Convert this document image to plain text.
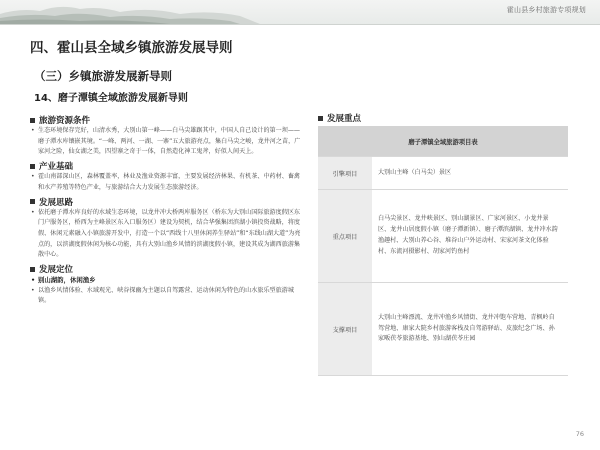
霍山县乡村旅游专项规划
四、霍山县全域乡镇旅游发展导则
（三）乡镇旅游发展新导则
14、磨子潭镇全域旅游发展新导则
旅游资源条件
• 生态环境保存完好，山清水秀，大别山第一峰——白马尖雄踞其中，中国人自己设计的第一坝——磨子潭水库镶嵌其境。“一峰、两河、一湖、一寨”五大旅游亮点，集白马尖之峻，龙井河之苗，广家河之险，仙女湖之美，四望寨之奇于一体，自然造化神工鬼斧，好似人间天上。
产业基础
• 霍山南部深山区，森林覆盖率，林业及渔业资源丰富，主要发展经济林果、有机茶、中药材、畜禽和水产养殖等特色产业，与旅游结合大力发展生态旅游经济。
发展思路
• 依托磨子潭水库良好的水域生态环境，以龙井冲大桥两库服务区（桥东为大别山国际旅游度假区东门户服务区，桥西为主峰景区东入口服务区）建设为契机，结合华强集团滨湖小镇投资战略，将度假、休闲元素融入小镇旅游开发中，打造一个以“西线十八里休闲养生驿站”和“东线山湖大道”为亮点的，以滨湖度假休闲为核心功能，具有大别山渔乡风情的滨湖度假小镇，建设其成为湖西旅游集散中心。
发展定位
• 别山湖韵，休闲渔乡
• 以渔乡风情体验、水域观光、峡谷探幽为主题以自驾露营、运动休闲为特色的山水旅乐型旅游城镇。
发展重点
磨子潭镇全域旅游项目表	
引擎项目	大别山主峰（白马尖）景区
重点项目	白马尖景区、龙井峡景区、别山湖景区、广家河景区、小龙井景区、龙井山居度假小镇（磨子潭新镇）、磨子潭滨湖镇、龙井冲水韵渔趣村、大别山养心谷、堆谷山户外运动村、宋家河茶文化体验村、东流河摄影村、胡家河钓鱼村
支撑项目	大别山主峰漂流、龙井冲渔乡风情街、龙井冲饱车营地、青枫岭自驾营地、康家大院乡村旅游客栈及自驾游驿站、皮旅纪念广场、孙家畈茯苓旅游基地、别山湖茯苓庄园
76
